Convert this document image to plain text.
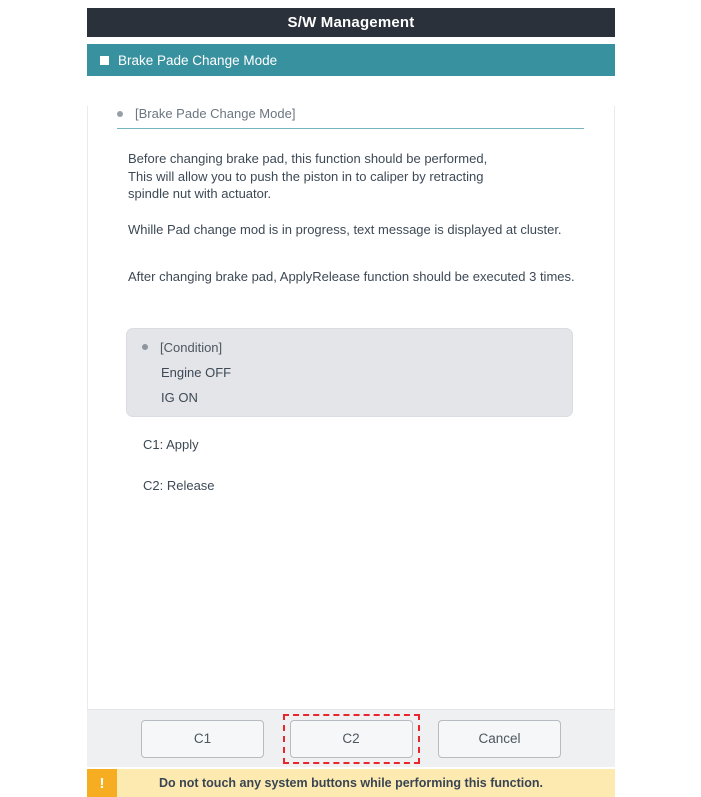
S/W Management
Brake Pade Change Mode
[Brake Pade Change Mode]
Before changing brake pad, this function should be performed,
This will allow you to push the piston in to caliper by retracting
spindle nut with actuator.
Whille Pad change mod is in progress, text message is displayed at cluster.
After changing brake pad, ApplyRelease function should be executed 3 times.
[Condition]
Engine OFF
IG ON
C1: Apply
C2: Release
C1	C2	Cancel
Do not touch any system buttons while performing this function.
!
